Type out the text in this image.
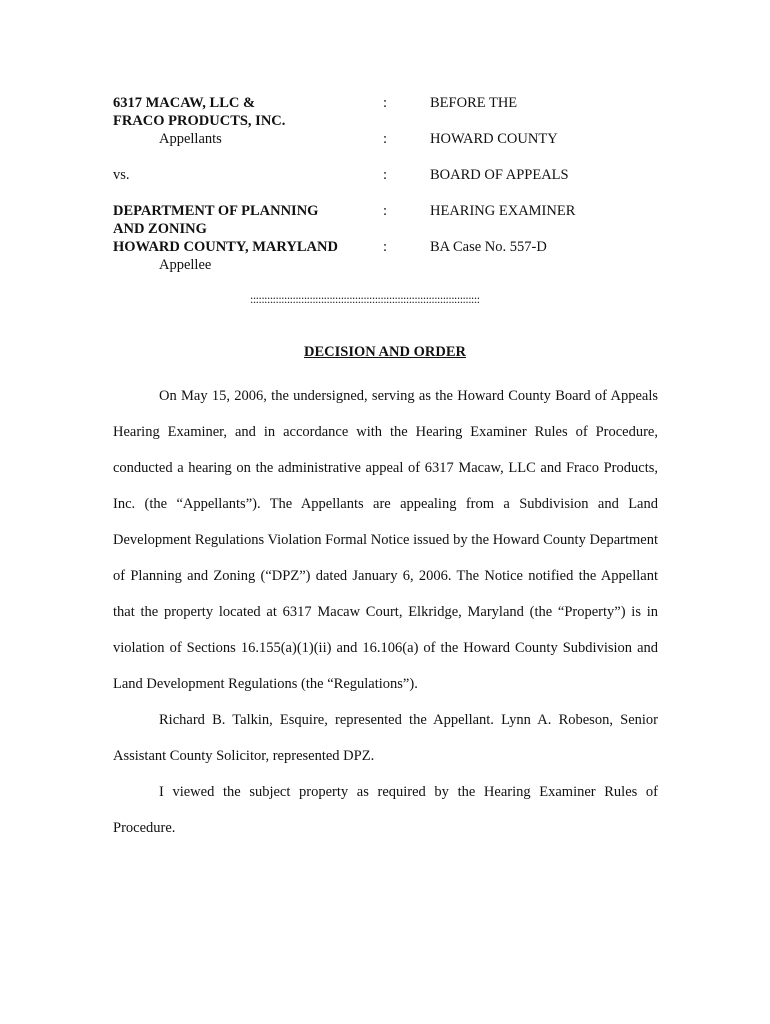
6317 MACAW, LLC &
FRACO PRODUCTS, INC.
Appellants
vs.
DEPARTMENT OF PLANNING
AND ZONING
HOWARD COUNTY, MARYLAND
Appellee
:
:
:
:
:
BEFORE THE
HOWARD COUNTY
BOARD OF APPEALS
HEARING EXAMINER
BA Case No. 557-D
:::::::::::::::::::::::::::::::::::::::::::::::::::::::::::::::::::::::::::::::::
DECISION AND ORDER

On May 15, 2006, the undersigned, serving as the Howard County Board of Appeals Hearing Examiner, and in accordance with the Hearing Examiner Rules of Procedure, conducted a hearing on the administrative appeal of 6317 Macaw, LLC and Fraco Products, Inc. (the “Appellants”). The Appellants are appealing from a Subdivision and Land Development Regulations Violation Formal Notice issued by the Howard County Department of Planning and Zoning (“DPZ”) dated January 6, 2006. The Notice notified the Appellant that the property located at 6317 Macaw Court, Elkridge, Maryland (the “Property”) is in violation of Sections 16.155(a)(1)(ii) and 16.106(a) of the Howard County Subdivision and Land Development Regulations (the “Regulations”).

Richard B. Talkin, Esquire, represented the Appellant. Lynn A. Robeson, Senior Assistant County Solicitor, represented DPZ.

I viewed the subject property as required by the Hearing Examiner Rules of Procedure.
